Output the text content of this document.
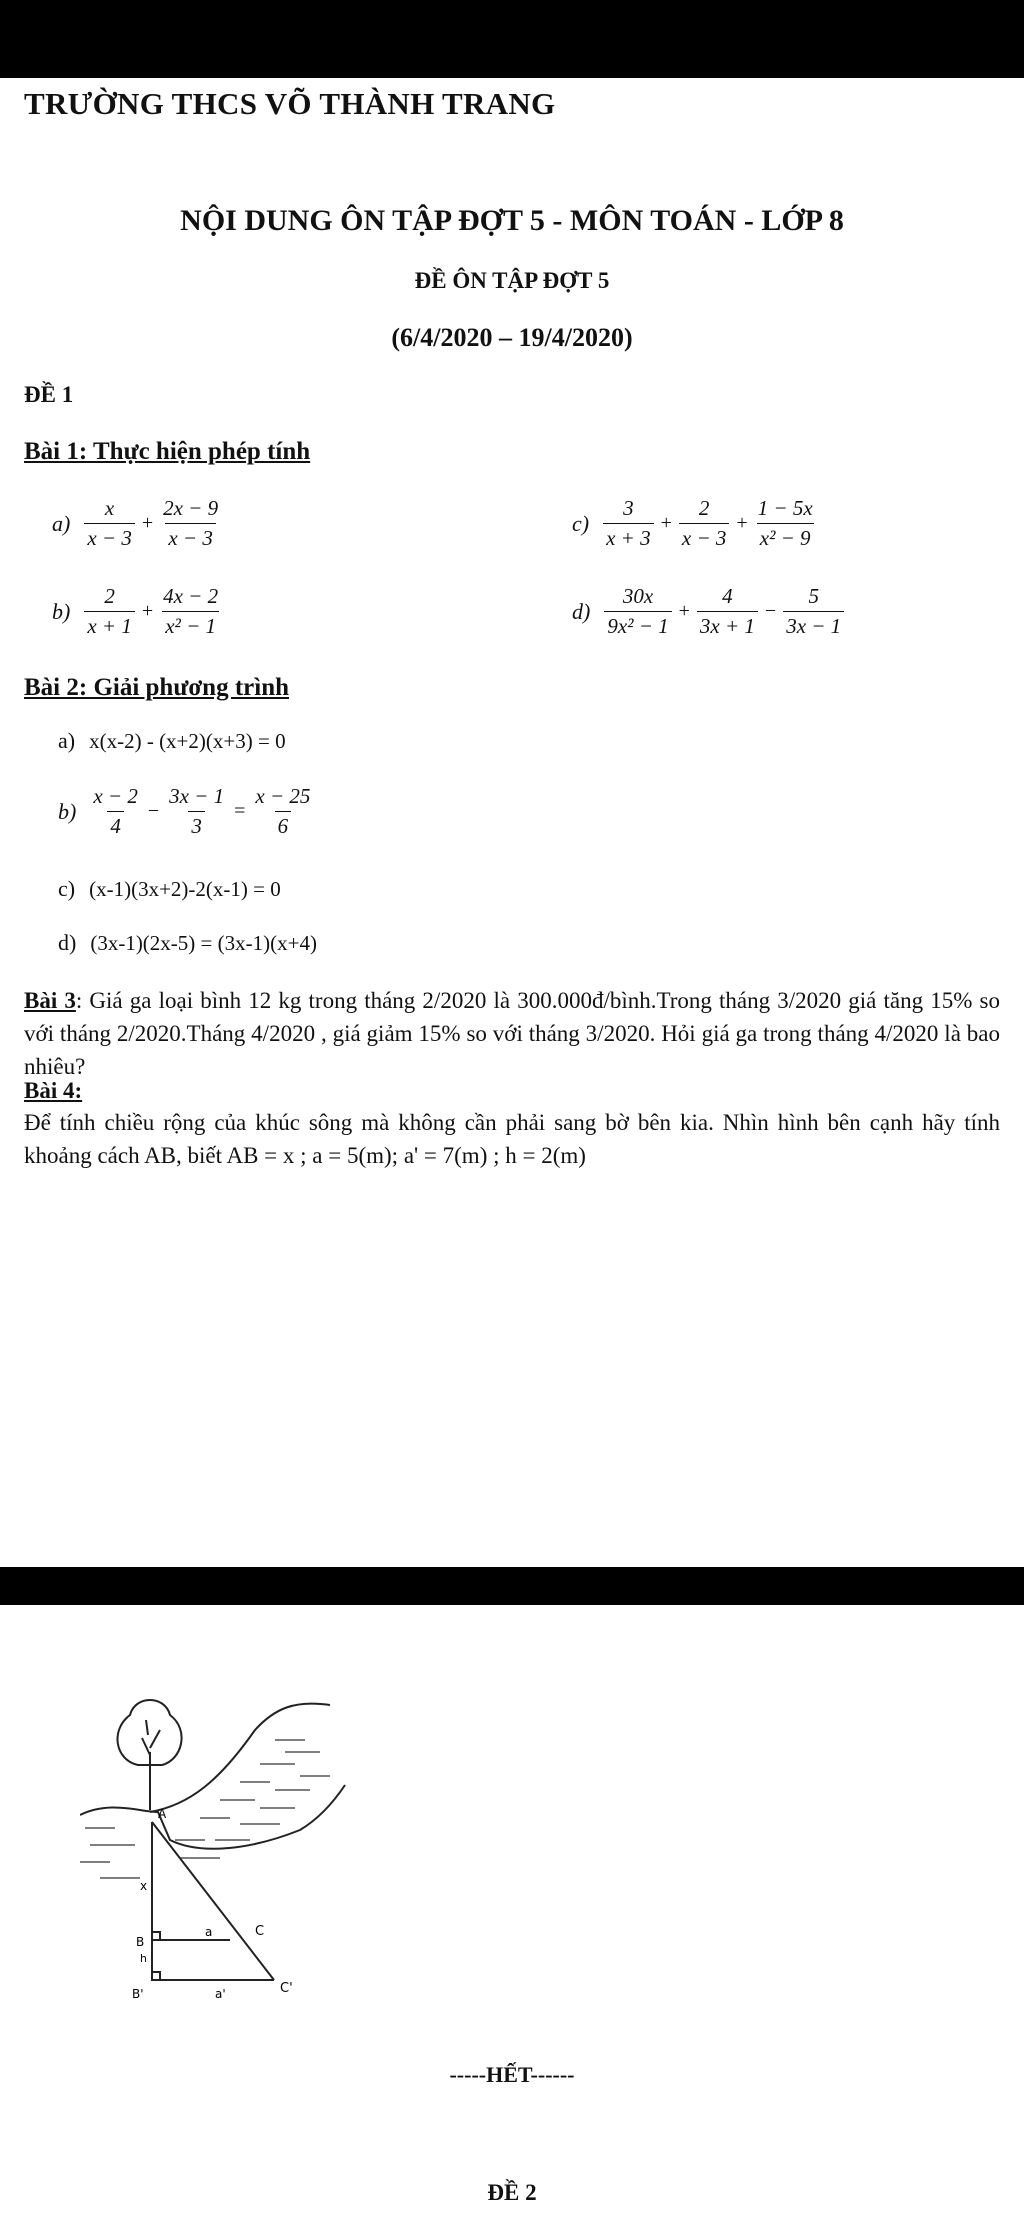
TRƯỜNG THCS VÕ THÀNH TRANG
NỘI DUNG ÔN TẬP ĐỢT 5 - MÔN TOÁN - LỚP 8
ĐỀ ÔN TẬP ĐỢT 5
(6/4/2020 – 19/4/2020)
ĐỀ 1
Bài 1: Thực hiện phép tính
$a) \frac{x}{x - 3} + \frac{2x - 9}{x - 3}$	$c) \frac{3}{x + 3} + \frac{2}{x - 3} + \frac{1 - 5x}{\text{x² − 9}}$
$b) \frac{2}{x + 1} + \frac{4x - 2}{\text{x² − 1}}$	$d) \frac{30x}{\text{9x² − 1}} + \frac{4}{3x + 1} - \frac{5}{3x - 1}$
Bài 2: Giải phương trình
a) x(x-2) - (x+2)(x+3) = 0
$b) \frac{x - 2}{4} - \frac{3x - 1}{3} = \frac{x - 25}{6}$
c) (x-1)(3x+2)-2(x-1) = 0
d) (3x-1)(2x-5) = (3x-1)(x+4)
Bài 3: Giá ga loại bình 12 kg trong tháng 2/2020 là 300.000đ/bình.Trong tháng 3/2020 giá tăng 15% so với tháng 2/2020.Tháng 4/2020 , giá giảm 15% so với tháng 3/2020. Hỏi giá ga trong tháng 4/2020 là bao nhiêu?
Bài 4:
Để tính chiều rộng của khúc sông mà không cần phải sang bờ bên kia. Nhìn hình bên cạnh hãy tính khoảng cách AB, biết AB = x ; a = 5(m); a' = 7(m) ; h = 2(m)
A
x
B
h
B'
a
a'
C
C'
-----HẾT------
ĐỀ 2
